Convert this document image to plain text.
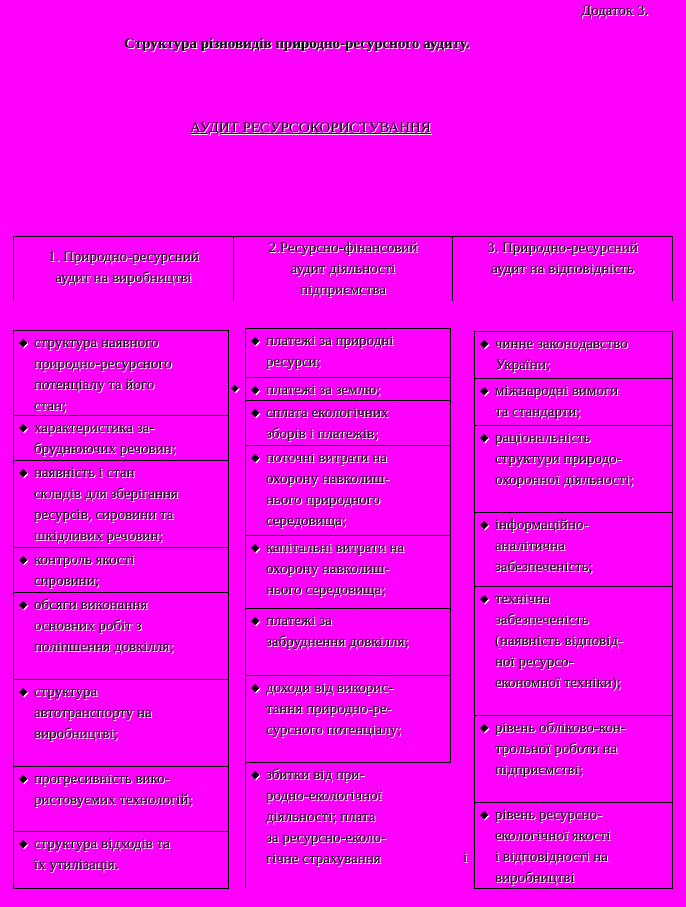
Додаток 3.
Структура різновидів природно-ресурсного аудиту.
АУДИТ РЕСУРСОКОРИСТУВАННЯ
1. Природно-ресурсний
аудит на виробництві
2.Ресурсно-фінансовий
аудит діяльності
підприємства
3. Природно-ресурсний
аудит на відповідність
◆ структура наявного
природно-ресурсного
потенціалу та його
стан;
◆ характеристика за-
бруднюючих речовин;
◆ наявність і стан
складів для зберігання
ресурсів, сировини та
шкідливих речовин;
◆ контроль якості
сировини;
◆ обсяги виконання
основних робіт з
поліпшення довкілля;
◆ структура
автотранспорту на
виробництві;
◆ прогресивність вико-
ристовуємих технологій;
◆ структура відходів та
їх утилізація.
◆ платежі за природні
ресурси;
◆ платежі за землю;
◆ сплата екологічних
зборів і платежів;
◆ поточні витрати на
охорону навколиш-
нього природного
середовища;
◆ капітальні витрати на
охорону навколиш-
нього середовища;
◆ платежі за
забруднення довкілля;
◆ доходи від викорис-
тання природно-ре-
сурсного потенціалу;
◆ збитки від при-
родно-екологічної
діяльності; плата
за ресурсно-еколо-
гічне страхування
◆ чинне законодавство
України;
◆ міжнародні вимоги
та стандарти;
◆ раціональність
структури природо-
охоронної діяльності;
◆ інформаційно-
аналітична
забезпеченість;
◆ технічна
забезпеченість
(наявність відповід-
ної ресурсо-
економної техніки);
◆ рівень обліково-кон-
трольної роботи на
підприємстві;
◆ рівень ресурсно-
екологічної якості
і відповідності на
виробництві
◆
і
